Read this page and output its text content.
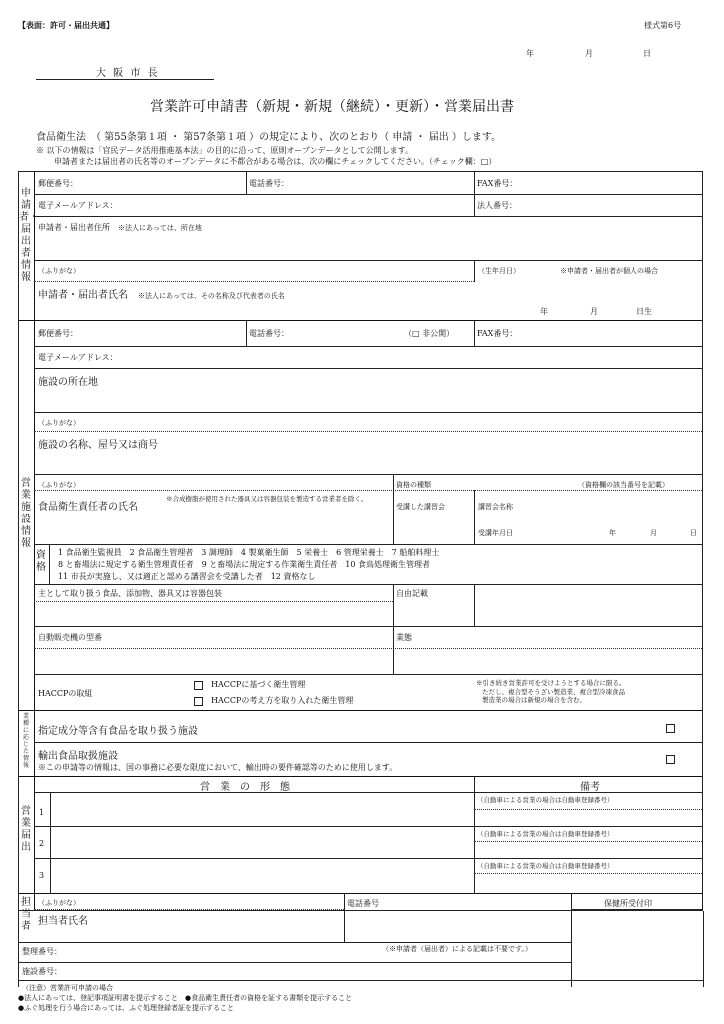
【表面：許可・届出共通】	様式第6号
年	月	日
大 阪 市 長
営業許可申請書（新規・新規（継続）・更新）・営業届出書
食品衛生法　（ 第55条第１項 ・ 第57条第１項 ）の規定により、次のとおり（ 申請 ・ 届出 ）します。
※ 以下の情報は「官民データ活用推進基本法」の目的に沿って、原則オープンデータとして公開します。
申請者または届出者の氏名等のオープンデータに不都合がある場合は、次の欄にチェックしてください。（チェック欄：□）
申請者・届出者情報
郵便番号：	電話番号：	FAX番号：
電子メールアドレス：	法人番号：
申請者・届出者住所　 ※法人にあっては、所在地
（ふりがな）	（生年月日）	※申請者・届出者が個人の場合
申請者・届出者氏名　 ※法人にあっては、その名称及び代表者の氏名
年	月	日生
営業施設情報
郵便番号：	電話番号：	（□ 非公開）	FAX番号：
電子メールアドレス：
施設の所在地
（ふりがな）
施設の名称、屋号又は商号
（ふりがな）	資格の種類	（資格欄の該当番号を記載）
食品衛生責任者の氏名
※合成樹脂が使用された器具又は容器包装を製造する営業者を除く。
受講した講習会	講習会名称
受講年月日	年	月	日
資格
1 食品衛生監視員　2 食品衛生管理者　3 調理師　4 製菓衛生師　5 栄養士　6 管理栄養士　7 船舶料理士
8 と畜場法に規定する衛生管理責任者　9 と畜場法に規定する作業衛生責任者　10 食鳥処理衛生管理者
11 市長が実施し、又は適正と認める講習会を受講した者　12 資格なし
主として取り扱う食品、添加物、器具又は容器包装	自由記載
自動販売機の型番	業態
HACCPの取組
　HACCPに基づく衛生管理
　HACCPの考え方を取り入れた衛生管理
※引き続き営業許可を受けようとする場合に限る。
ただし、複合型そうざい製造業、複合型冷凍食品
製造業の場合は新規の場合を含む。
業種に応じた情報
指定成分等含有食品を取り扱う施設
輸出食品取扱施設
※この申請等の情報は、国の事務に必要な限度において、輸出時の要件確認等のために使用します。
営業届出
営　業　の　形　態	備考
1
（自動車による営業の場合は自動車登録番号）
2
（自動車による営業の場合は自動車登録番号）
3
（自動車による営業の場合は自動車登録番号）
担当者
（ふりがな）
担当者氏名
電話番号	保健所受付印
整理番号：	（※申請者（届出者）による記載は不要です。）
施設番号：
（注意）営業許可申請の場合
●法人にあっては、登記事項証明書を提示すること　●食品衛生責任者の資格を証する書類を提示すること
●ふぐ処理を行う場合にあっては、ふぐ処理登録者証を提示すること
